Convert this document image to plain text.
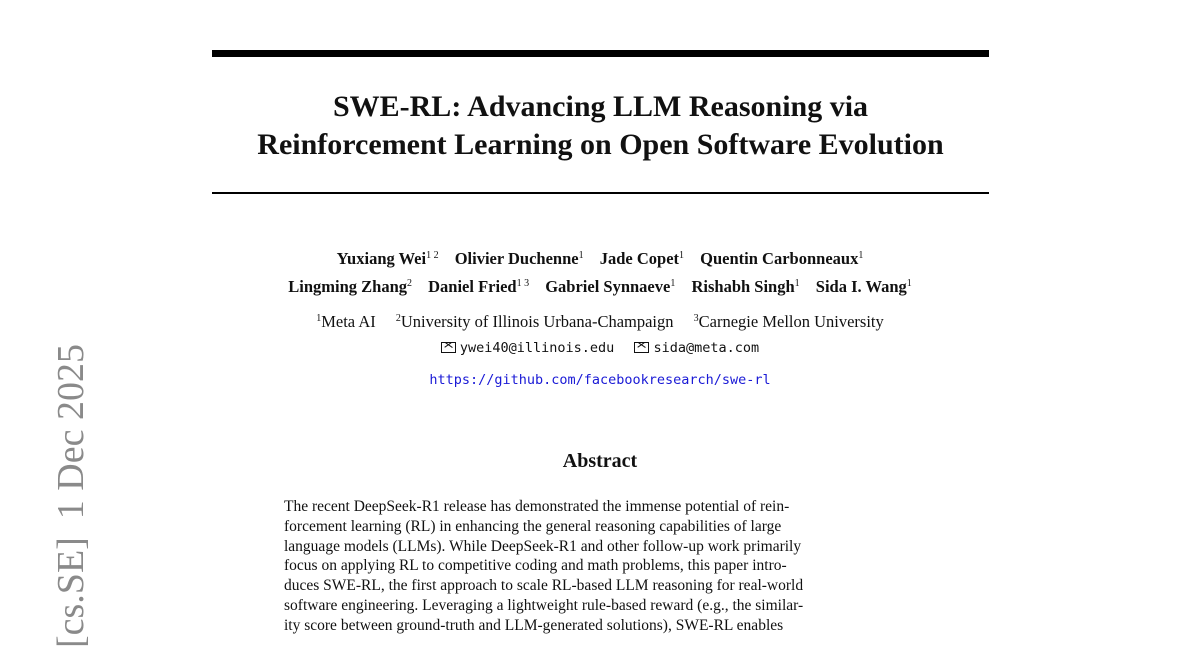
SWE-RL: Advancing LLM Reasoning via
Reinforcement Learning on Open Software Evolution
Yuxiang Wei$^{1 2}$ Olivier Duchenne$^1$ Jade Copet$^1$ Quentin Carbonneaux$^1$
Lingming Zhang$^2$ Daniel Fried$^{1 3}$ Gabriel Synnaeve$^1$ Rishabh Singh$^1$ Sida I. Wang$^1$
$^1$Meta AI $^2$University of Illinois Urbana-Champaign $^3$Carnegie Mellon University
ywei40@illinois.edu	sida@meta.com
https://github.com/facebookresearch/swe-rl
Abstract
The recent DeepSeek-R1 release has demonstrated the immense potential of rein-
forcement learning (RL) in enhancing the general reasoning capabilities of large
language models (LLMs). While DeepSeek-R1 and other follow-up work primarily
focus on applying RL to competitive coding and math problems, this paper intro-
duces SWE-RL, the first approach to scale RL-based LLM reasoning for real-world
software engineering. Leveraging a lightweight rule-based reward (e.g., the similar-
ity score between ground-truth and LLM-generated solutions), SWE-RL enables
[cs.SE]1 Dec 2025
